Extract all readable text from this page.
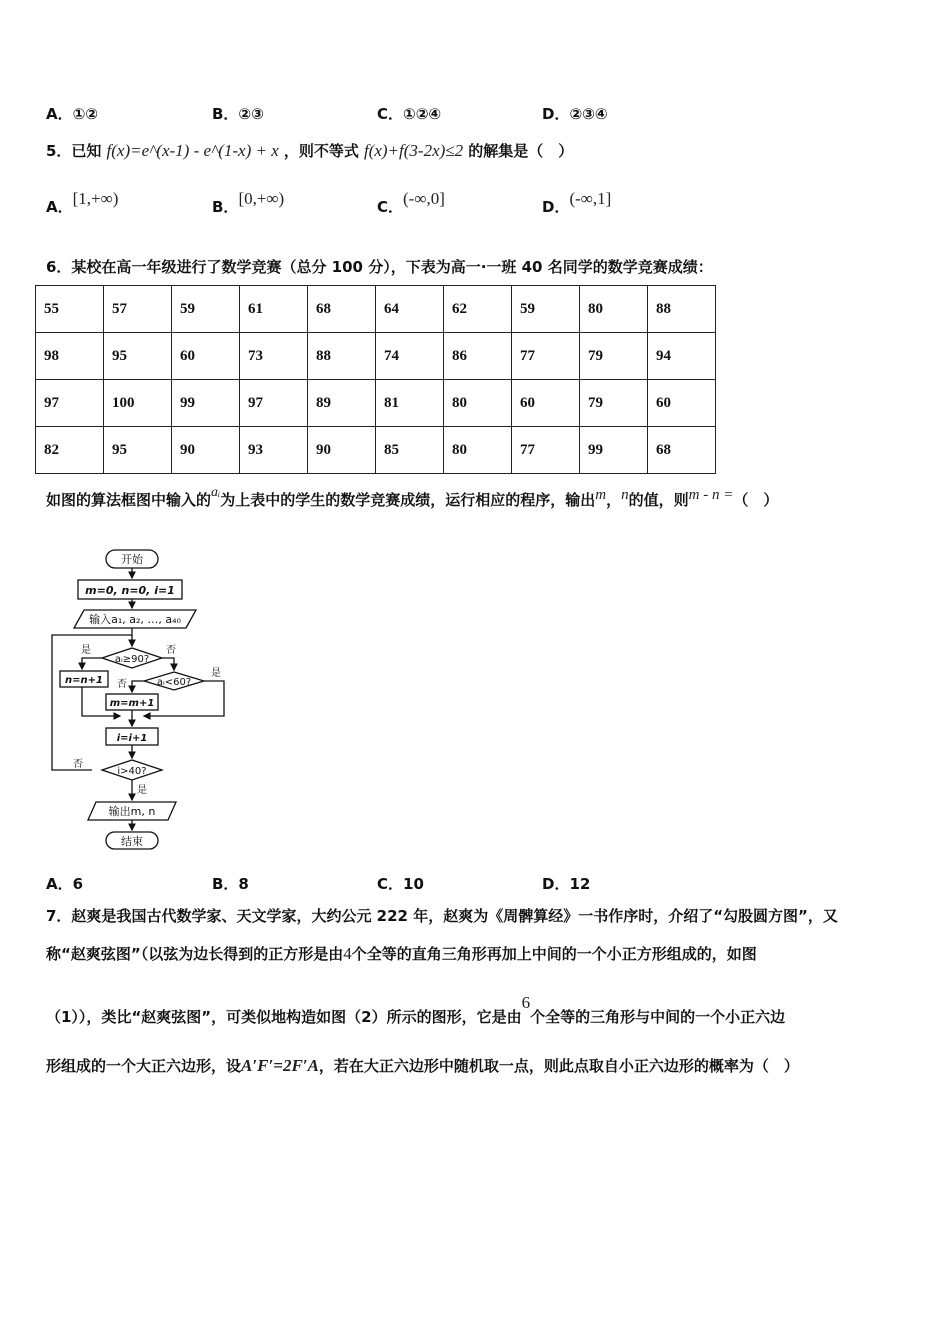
A．①②	B．②③	C．①②④	D．②③④
5．已知 f(x)=e^(x-1) - e^(1-x) + x ，则不等式 f(x)+f(3-2x)≤2 的解集是（　）
A．[1,+∞)	B．[0,+∞)	C．(-∞,0]	D．(-∞,1]
6．某校在高一年级进行了数学竞赛（总分 100 分），下表为高一·一班 40 名同学的数学竞赛成绩：
55	57	59	61	68	64	62	59	80	88
98	95	60	73	88	74	86	77	79	94
97	100	99	97	89	81	80	60	79	60
82	95	90	93	90	85	80	77	99	68
如图的算法框图中输入的aᵢ为上表中的学生的数学竞赛成绩，运行相应的程序，输出m，n的值，则m - n =（　）
开始
m=0, n=0, i=1
输入a₁, a₂, …, a₄₀
aᵢ≥90?
aᵢ<60?
n=n+1
m=m+1
i=i+1
i>40?
输出m, n
结束
是	否
是
否
否
是
A．6	B．8	C．10	D．12
7．赵爽是我国古代数学家、天文学家，大约公元 222 年，赵爽为《周髀算经》一书作序时，介绍了“勾股圆方图”，又
称“赵爽弦图”（以弦为边长得到的正方形是由4个全等的直角三角形再加上中间的一个小正方形组成的，如图
（1）），类比“赵爽弦图”，可类似地构造如图（2）所示的图形，它是由6个全等的三角形与中间的一个小正六边
形组成的一个大正六边形，设A′F′=2F′A，若在大正六边形中随机取一点，则此点取自小正六边形的概率为（　）
